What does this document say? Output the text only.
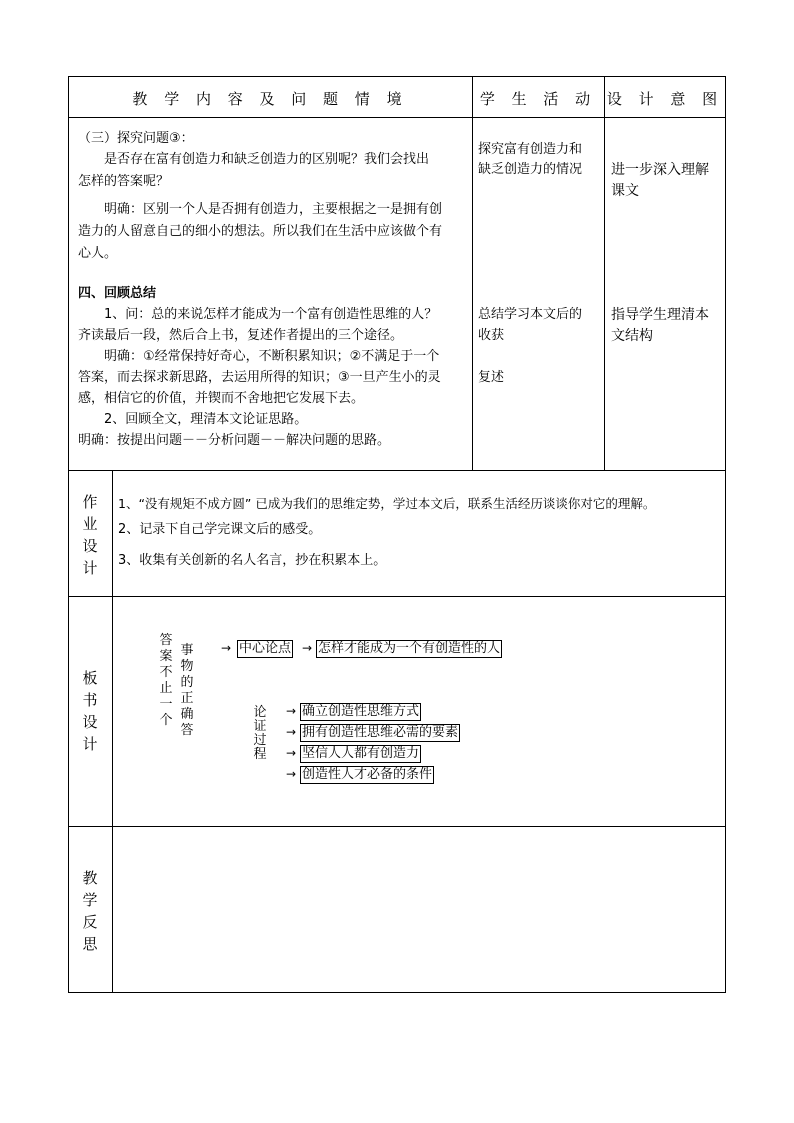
教 学 内 容 及 问 题 情 境	学 生 活 动 设 计 意 图
（三）探究问题③：
是否存在富有创造力和缺乏创造力的区别呢？我们会找出
怎样的答案呢？
明确：区别一个人是否拥有创造力，主要根据之一是拥有创
造力的人留意自己的细小的想法。所以我们在生活中应该做个有
心人。
四、回顾总结
1、问：总的来说怎样才能成为一个富有创造性思维的人？
齐读最后一段，然后合上书，复述作者提出的三个途径。
明确：①经常保持好奇心，不断积累知识；②不满足于一个
答案，而去探求新思路，去运用所得的知识；③一旦产生小的灵
感，相信它的价值，并锲而不舍地把它发展下去。
2、回顾全文，理清本文论证思路。
明确：按提出问题－－分析问题－－解决问题的思路。
探究富有创造力和
缺乏创造力的情况
总结学习本文后的
收获
复述
进一步深入理解
课文
指导学生理清本
文结构
作
业
设
计
1、“没有规矩不成方圆” 已成为我们的思维定势，学过本文后，联系生活经历谈谈你对它的理解。
2、记录下自己学完课文后的感受。
3、收集有关创新的名人名言，抄在积累本上。
板
书
设
计
答
案
不
止
一
个
事
物
的
正
确
答
→ 中心论点 → 怎样才能成为一个有创造性的人
论
证
过
程
→ 确立创造性思维方式
→ 拥有创造性思维必需的要素
→ 坚信人人都有创造力
→ 创造性人才必备的条件
教
学
反
思
